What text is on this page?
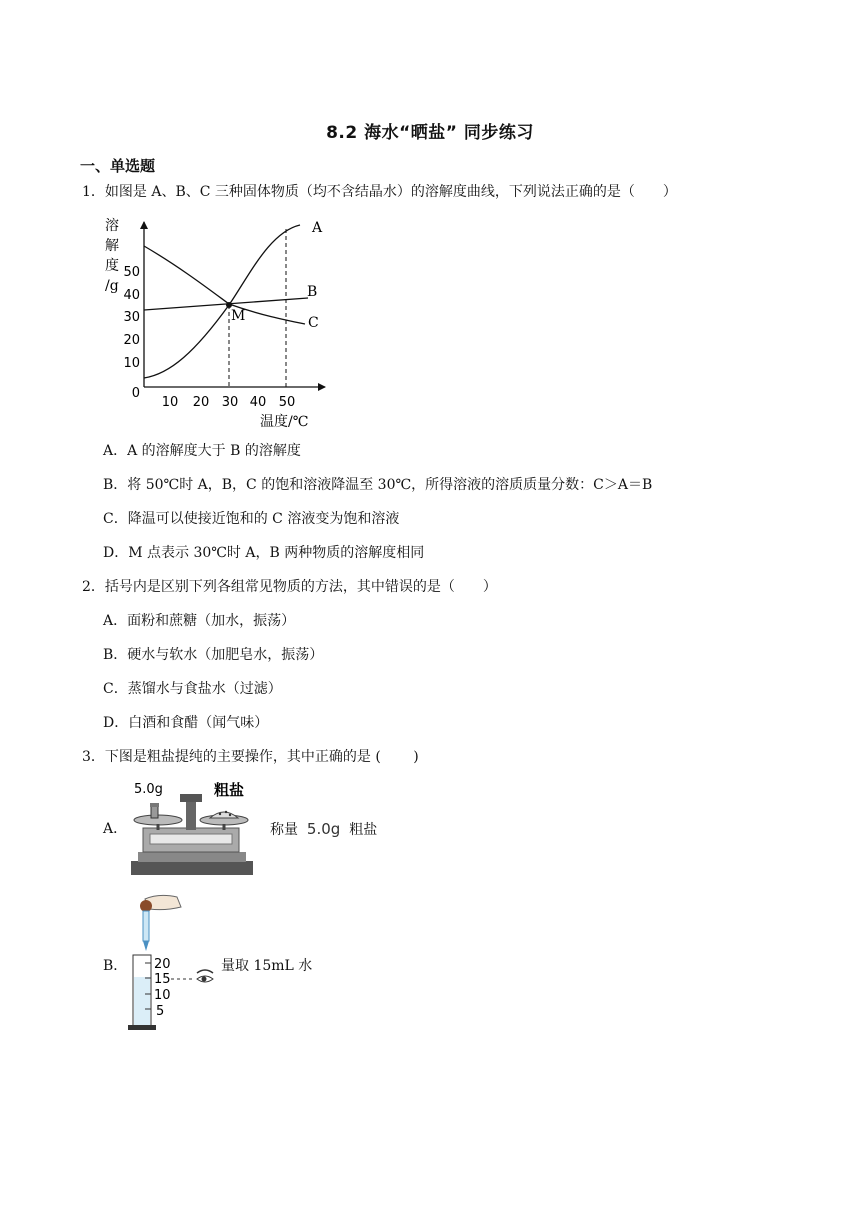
8.2 海水“晒盐” 同步练习
一、单选题
1．如图是 A、B、C 三种固体物质（均不含结晶水）的溶解度曲线，下列说法正确的是（　　）
溶
解
度
/g
0
10
20
30
40
50
10 20 30 40 50
温度/℃
M
A
B
C
A．A 的溶解度大于 B 的溶解度
B．将 50℃时 A，B，C 的饱和溶液降温至 30℃，所得溶液的溶质质量分数：C＞A＝B
C．降温可以使接近饱和的 C 溶液变为饱和溶液
D．M 点表示 30℃时 A，B 两种物质的溶解度相同
2．括号内是区别下列各组常见物质的方法，其中错误的是（　　）
A．面粉和蔗糖（加水，振荡）
B．硬水与软水（加肥皂水，振荡）
C．蒸馏水与食盐水（过滤）
D．白酒和食醋（闻气味）
3．下图是粗盐提纯的主要操作，其中正确的是 (　　 )
A．
5.0g	粗盐
称量 5.0g 粗盐
B． 20
15
10
5
量取 15mL 水
